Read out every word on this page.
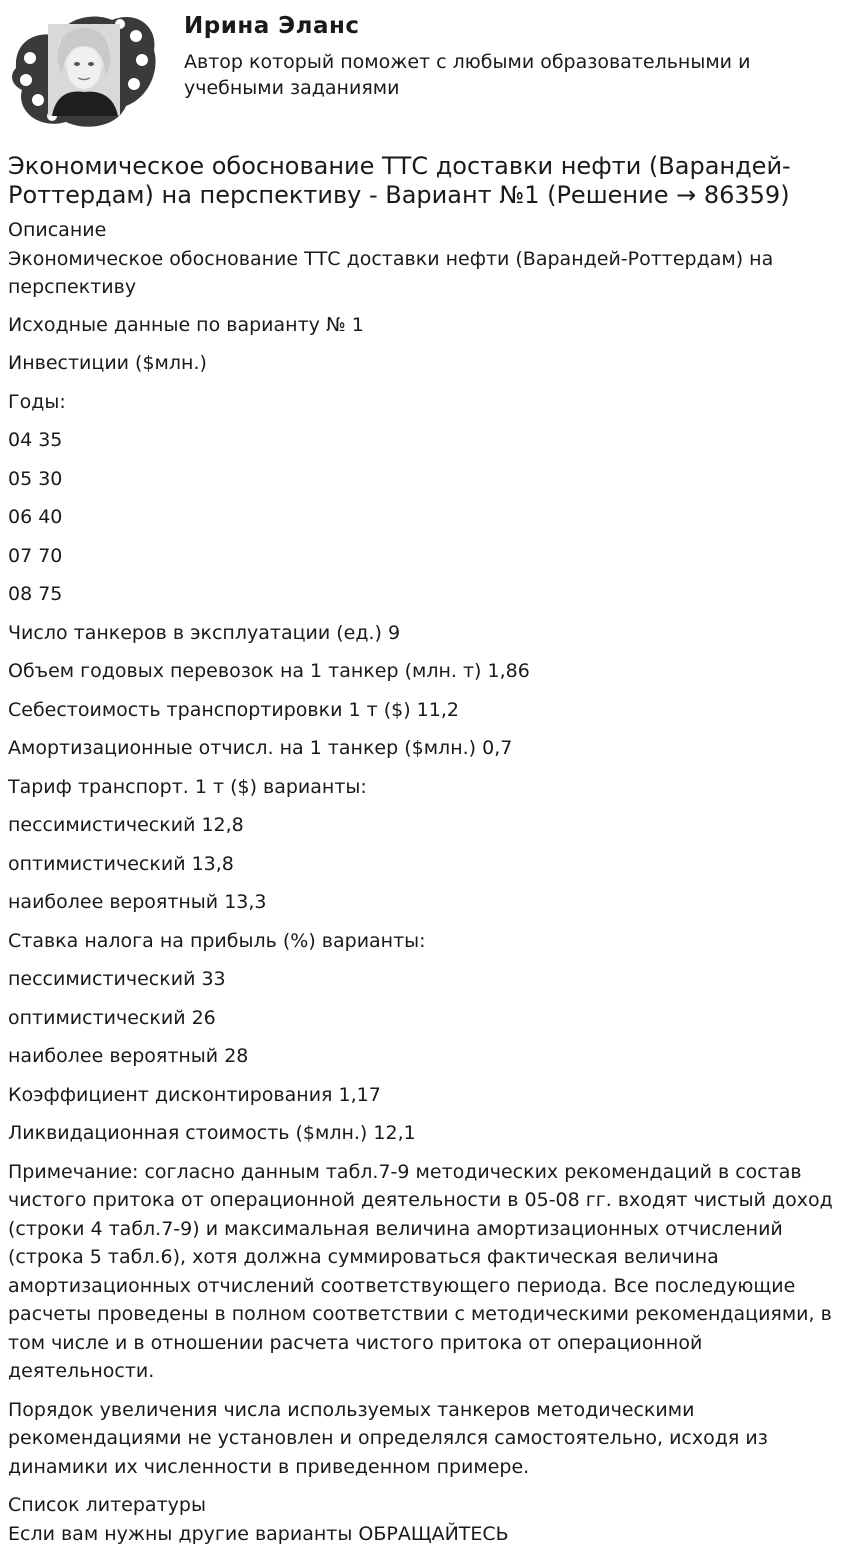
Ирина Эланс
Автор который поможет с любыми образовательными и учебными заданиями
Экономическое обоснование ТТС доставки нефти (Варандей-Роттердам) на перспективу - Вариант №1 (Решение → 86359)
Описание

Экономическое обоснование ТТС доставки нефти (Варандей-Роттердам) на перспективу

Исходные данные по варианту № 1

Инвестиции ($млн.)

Годы:

04 35

05 30

06 40

07 70

08 75

Число танкеров в эксплуатации (ед.) 9

Объем годовых перевозок на 1 танкер (млн. т) 1,86

Себестоимость транспортировки 1 т ($) 11,2

Амортизационные отчисл. на 1 танкер ($млн.) 0,7

Тариф транспорт. 1 т ($) варианты:

пессимистический 12,8

оптимистический 13,8

наиболее вероятный 13,3

Ставка налога на прибыль (%) варианты:

пессимистический 33

оптимистический 26

наиболее вероятный 28

Коэффициент дисконтирования 1,17

Ликвидационная стоимость ($млн.) 12,1

Примечание: согласно данным табл.7-9 методических рекомендаций в состав чистого притока от операционной деятельности в 05-08 гг. входят чистый доход (строки 4 табл.7-9) и максимальная величина амортизационных отчислений (строка 5 табл.6), хотя должна суммироваться фактическая величина амортизационных отчислений соответствующего периода. Все последующие расчеты проведены в полном соответствии с методическими рекомендациями, в том числе и в отношении расчета чистого притока от операционной деятельности.

Порядок увеличения числа используемых танкеров методическими рекомендациями не установлен и определялся самостоятельно, исходя из динамики их численности в приведенном примере.

Список литературы
Если вам нужны другие варианты ОБРАЩАЙТЕСЬ
